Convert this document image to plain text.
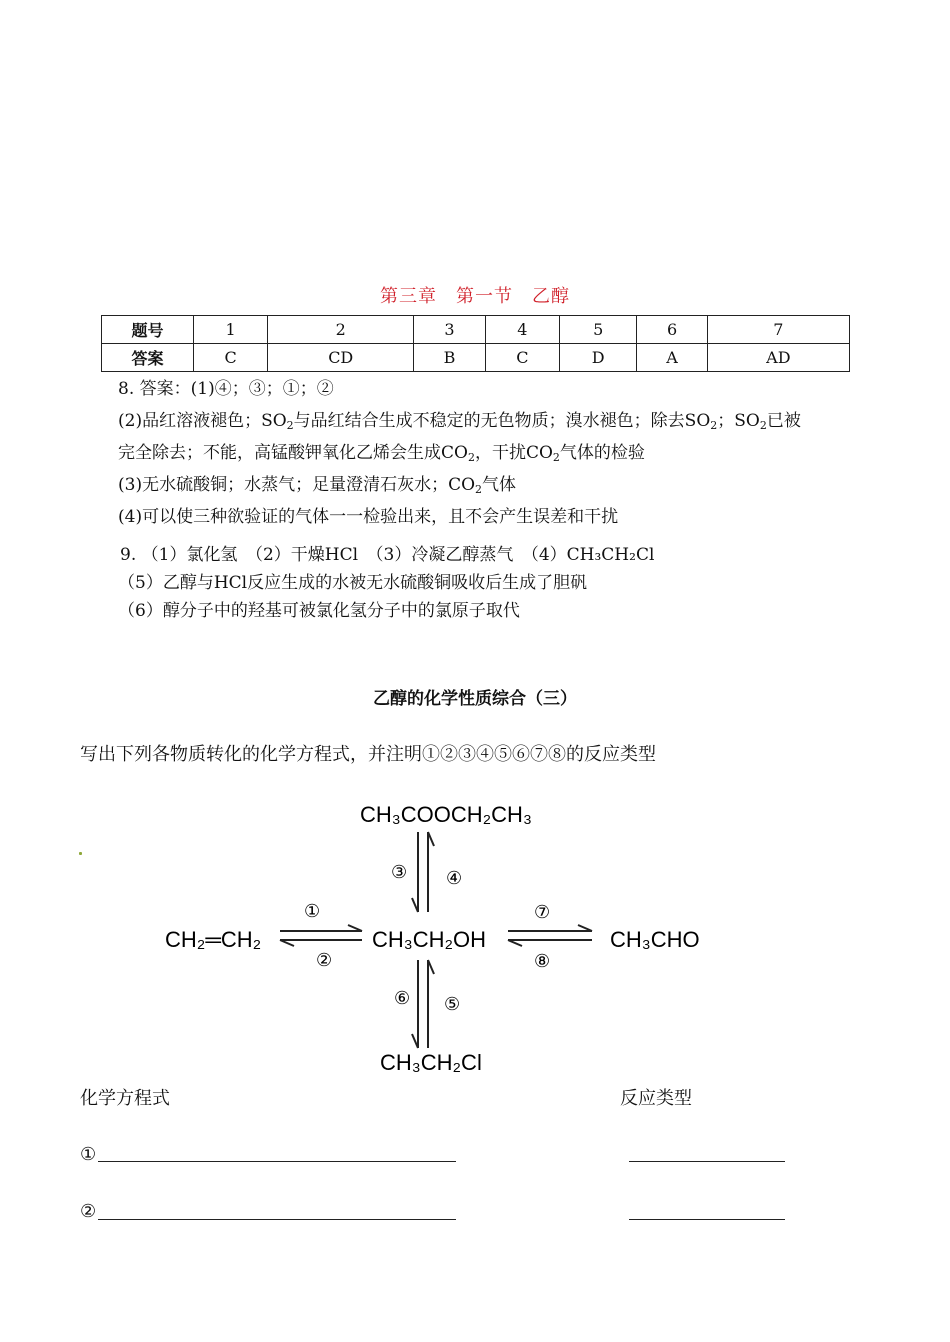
第三章　第一节　乙醇
题号	1	2	3	4	5	6	7
答案	C	CD	B	C	D	A	AD
8. 答案：(1)④；③；①；②
(2)品红溶液褪色；$SO_2$与品红结合生成不稳定的无色物质；溴水褪色；除去$SO_2$；$SO_2$已被
完全除去；不能，高锰酸钾氧化乙烯会生成$CO_2$，干扰$CO_2$气体的检验
(3)无水硫酸铜；水蒸气；足量澄清石灰水；$CO_2$气体
(4)可以使三种欲验证的气体一一检验出来，且不会产生误差和干扰
9. （1）氯化氢　（2）干燥HCl　（3）冷凝乙醇蒸气　（4）CH₃CH₂Cl
（5）乙醇与HCl反应生成的水被无水硫酸铜吸收后生成了胆矾
（6）醇分子中的羟基可被氯化氢分子中的氯原子取代
乙醇的化学性质综合（三）
写出下列各物质转化的化学方程式，并注明①②③④⑤⑥⑦⑧的反应类型
CH₃COOCH₂CH₃
CH₂═CH₂	CH₃CH₂OH	CH₃CHO
CH₃CH₂Cl
①
②
③ ④
⑤
⑥
⑦
⑧
化学方程式	反应类型
①
②
